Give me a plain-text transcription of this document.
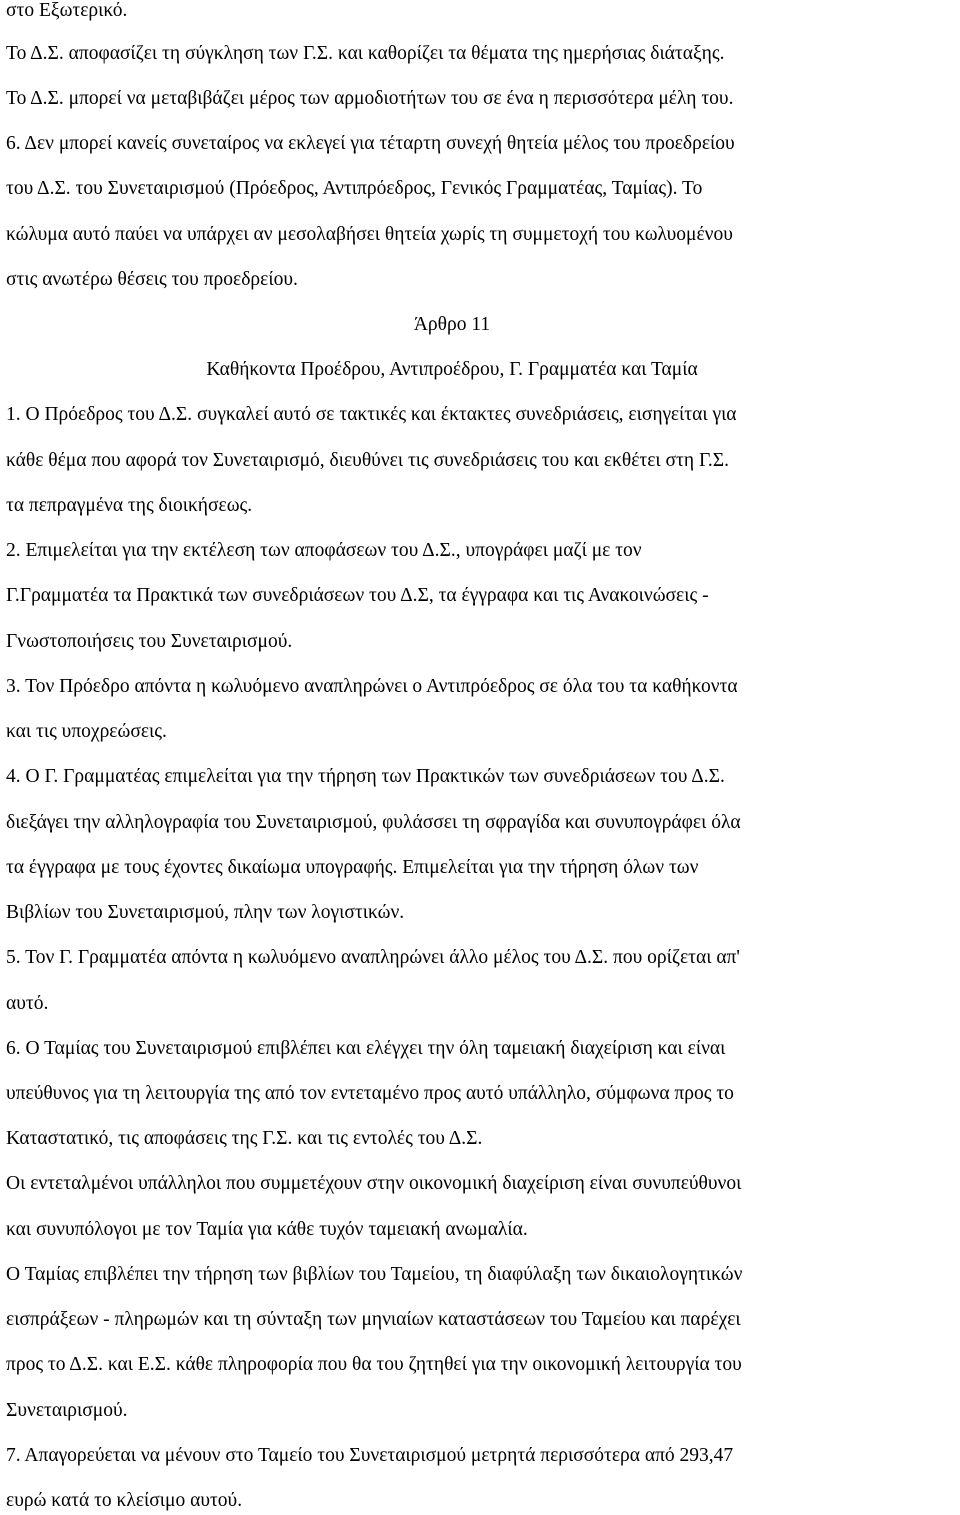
στο Εξωτερικό.

Το Δ.Σ. αποφασίζει τη σύγκληση των Γ.Σ. και καθορίζει τα θέματα της ημερήσιας διάταξης.

Το Δ.Σ. μπορεί να μεταβιβάζει μέρος των αρμοδιοτήτων του σε ένα η περισσότερα μέλη του.

6. Δεν μπορεί κανείς συνεταίρος να εκλεγεί για τέταρτη συνεχή θητεία μέλος του προεδρείου

του Δ.Σ. του Συνεταιρισμού (Πρόεδρος, Αντιπρόεδρος, Γενικός Γραμματέας, Ταμίας). Το

κώλυμα αυτό παύει να υπάρχει αν μεσολαβήσει θητεία χωρίς τη συμμετοχή του κωλυομένου

στις ανωτέρω θέσεις του προεδρείου.

Άρθρο 11

Καθήκοντα Προέδρου, Αντιπροέδρου, Γ. Γραμματέα και Ταμία

1. Ο Πρόεδρος του Δ.Σ. συγκαλεί αυτό σε τακτικές και έκτακτες συνεδριάσεις, εισηγείται για

κάθε θέμα που αφορά τον Συνεταιρισμό, διευθύνει τις συνεδριάσεις του και εκθέτει στη Γ.Σ.

τα πεπραγμένα της διοικήσεως.

2. Επιμελείται για την εκτέλεση των αποφάσεων του Δ.Σ., υπογράφει μαζί με τον

Γ.Γραμματέα τα Πρακτικά των συνεδριάσεων του Δ.Σ, τα έγγραφα και τις Ανακοινώσεις -

Γνωστοποιήσεις του Συνεταιρισμού.

3. Τον Πρόεδρο απόντα η κωλυόμενο αναπληρώνει ο Αντιπρόεδρος σε όλα του τα καθήκοντα

και τις υποχρεώσεις.

4. Ο Γ. Γραμματέας επιμελείται για την τήρηση των Πρακτικών των συνεδριάσεων του Δ.Σ.

διεξάγει την αλληλογραφία του Συνεταιρισμού, φυλάσσει τη σφραγίδα και συνυπογράφει όλα

τα έγγραφα με τους έχοντες δικαίωμα υπογραφής. Επιμελείται για την τήρηση όλων των

Βιβλίων του Συνεταιρισμού, πλην των λογιστικών.

5. Τον Γ. Γραμματέα απόντα η κωλυόμενο αναπληρώνει άλλο μέλος του Δ.Σ. που ορίζεται απ'

αυτό.

6. Ο Ταμίας του Συνεταιρισμού επιβλέπει και ελέγχει την όλη ταμειακή διαχείριση και είναι

υπεύθυνος για τη λειτουργία της από τον εντεταμένο προς αυτό υπάλληλο, σύμφωνα προς το

Καταστατικό, τις αποφάσεις της Γ.Σ. και τις εντολές του Δ.Σ.

Οι εντεταλμένοι υπάλληλοι που συμμετέχουν στην οικονομική διαχείριση είναι συνυπεύθυνοι

και συνυπόλογοι με τον Ταμία για κάθε τυχόν ταμειακή ανωμαλία.

Ο Ταμίας επιβλέπει την τήρηση των βιβλίων του Ταμείου, τη διαφύλαξη των δικαιολογητικών

εισπράξεων - πληρωμών και τη σύνταξη των μηνιαίων καταστάσεων του Ταμείου και παρέχει

προς το Δ.Σ. και Ε.Σ. κάθε πληροφορία που θα του ζητηθεί για την οικονομική λειτουργία του

Συνεταιρισμού.

7. Απαγορεύεται να μένουν στο Ταμείο του Συνεταιρισμού μετρητά περισσότερα από 293,47

ευρώ κατά το κλείσιμο αυτού.
